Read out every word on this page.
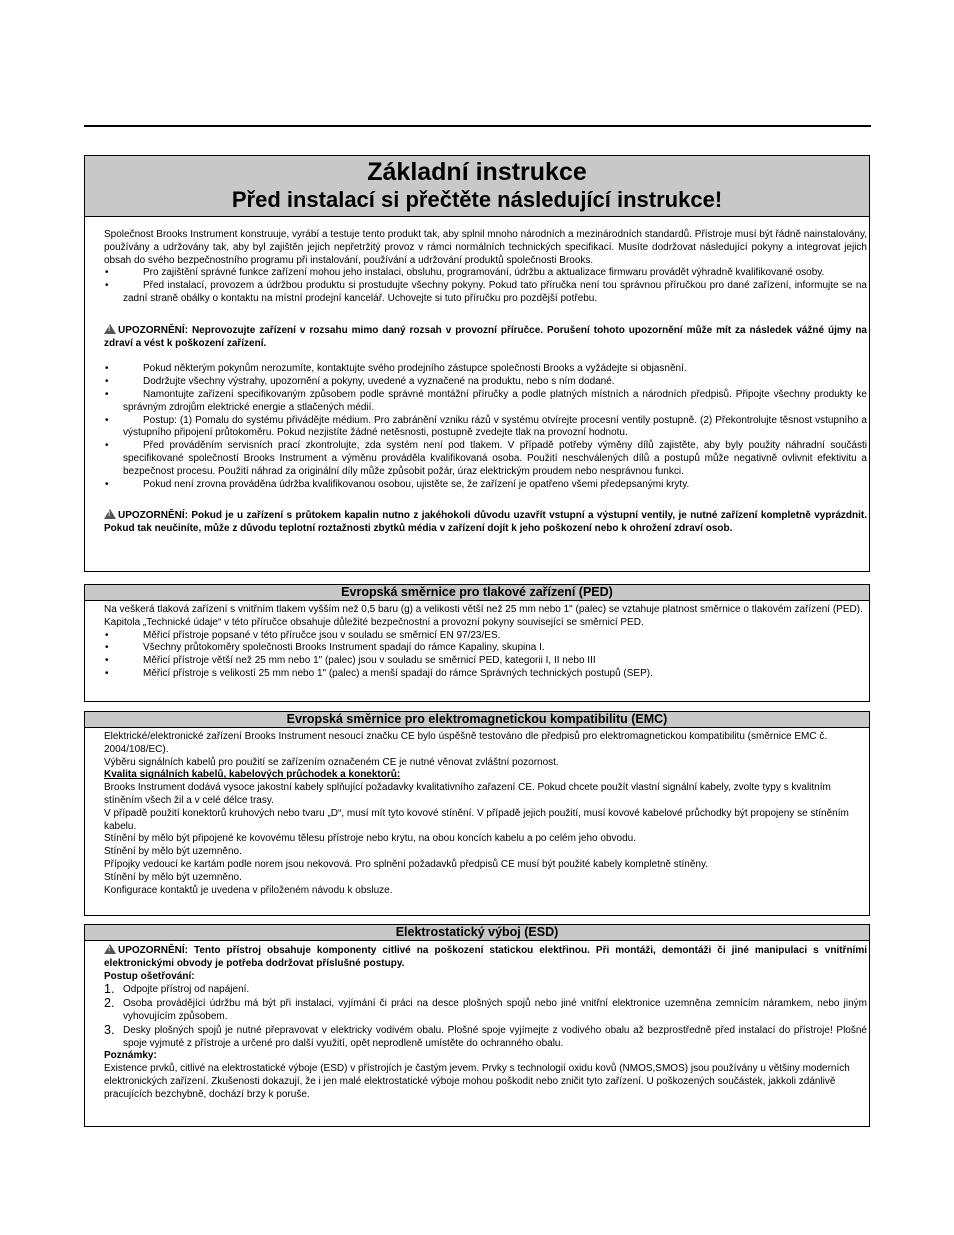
Základní instrukce
Před instalací si přečtěte následující instrukce!

Společnost Brooks Instrument konstruuje, vyrábí a testuje tento produkt tak, aby splnil mnoho národních a mezinárodních standardů. Přístroje musí být řádně nainstalovány, používány a udržovány tak, aby byl zajištěn jejich nepřetržitý provoz v rámci normálních technických specifikací. Musíte dodržovat následující pokyny a integrovat jejich obsah do svého bezpečnostního programu při instalování, používání a udržování produktů společnosti Brooks.

•	Pro zajištění správné funkce zařízení mohou jeho instalaci, obsluhu, programování, údržbu a aktualizace firmwaru provádět výhradně kvalifikované osoby.
•	Před instalací, provozem a údržbou produktu si prostudujte všechny pokyny. Pokud tato příručka není tou správnou příručkou pro dané zařízení, informujte se na zadní straně obálky o kontaktu na místní prodejní kancelář. Uchovejte si tuto příručku pro pozdější potřebu.

!UPOZORNĚNÍ: Neprovozujte zařízení v rozsahu mimo daný rozsah v provozní příručce. Porušení tohoto upozornění může mít za následek vážné újmy na zdraví a vést k poškození zařízení.

•	Pokud některým pokynům nerozumíte, kontaktujte svého prodejního zástupce společnosti Brooks a vyžádejte si objasnění.
•	Dodržujte všechny výstrahy, upozornění a pokyny, uvedené a vyznačené na produktu, nebo s ním dodané.
•	Namontujte zařízení specifikovaným způsobem podle správné montážní příručky a podle platných místních a národních předpisů. Připojte všechny produkty ke správným zdrojům elektrické energie a stlačených médií.
•	Postup: (1) Pomalu do systému přivádějte médium. Pro zabránění vzniku rázů v systému otvírejte procesní ventily postupně. (2) Překontrolujte těsnost vstupního a výstupního připojení průtokoměru. Pokud nezjistíte žádné netěsnosti, postupně zvedejte tlak na provozní hodnotu.
•	Před prováděním servisních prací zkontrolujte, zda systém není pod tlakem. V případě potřeby výměny dílů zajistěte, aby byly použity náhradní součásti specifikované společností Brooks Instrument a výměnu prováděla kvalifikovaná osoba. Použití neschválených dílů a postupů může negativně ovlivnit efektivitu a bezpečnost procesu. Použití náhrad za originální díly může způsobit požár, úraz elektrickým proudem nebo nesprávnou funkci.
•	Pokud není zrovna prováděna údržba kvalifikovanou osobou, ujistěte se, že zařízení je opatřeno všemi předepsanými kryty.

!UPOZORNĚNÍ: Pokud je u zařízení s průtokem kapalin nutno z jakéhokoli důvodu uzavřít vstupní a výstupní ventily, je nutné zařízení kompletně vyprázdnit. Pokud tak neučiníte, může z důvodu teplotní roztažnosti zbytků média v zařízení dojít k jeho poškození nebo k ohrožení zdraví osob.

Evropská směrnice pro tlakové zařízení (PED)

Na veškerá tlaková zařízení s vnitřním tlakem vyšším než 0,5 baru (g) a velikosti větší než 25 mm nebo 1" (palec) se vztahuje platnost směrnice o tlakovém zařízení (PED).

Kapitola „Technické údaje“ v této příručce obsahuje důležité bezpečnostní a provozní pokyny související se směrnicí PED.

•	Měřicí přístroje popsané v této příručce jsou v souladu se směrnicí EN 97/23/ES.
•	Všechny průtokoměry společnosti Brooks Instrument spadají do rámce Kapaliny, skupina I.
•	Měřicí přístroje větší než 25 mm nebo 1" (palec) jsou v souladu se směrnicí PED, kategorii I, II nebo III
•	Měřicí přístroje s velikostí 25 mm nebo 1" (palec) a menší spadají do rámce Správných technických postupů (SEP).
Evropská směrnice pro elektromagnetickou kompatibilitu (EMC)

Elektrické/elektronické zařízení Brooks Instrument nesoucí značku CE bylo úspěšně testováno dle předpisů pro elektromagnetickou kompatibilitu (směrnice EMC č. 2004/108/EC).

Výběru signálních kabelů pro použití se zařízením označeném CE je nutné věnovat zvláštní pozornost.

Kvalita signálních kabelů, kabelových průchodek a konektorů:

Brooks Instrument dodává vysoce jakostní kabely splňující požadavky kvalitativního zařazení CE. Pokud chcete použít vlastní signální kabely, zvolte typy s kvalitním stíněním všech žil a v celé délce trasy.

V případě použití konektorů kruhových nebo tvaru „D“, musí mít tyto kovové stínění. V případě jejich použití, musí kovové kabelové průchodky být propojeny se stíněním kabelu.

Stínění by mělo být připojené ke kovovému tělesu přístroje nebo krytu, na obou koncích kabelu a po celém jeho obvodu.

Stínění by mělo být uzemněno.

Přípojky vedoucí ke kartám podle norem jsou nekovová. Pro splnění požadavků předpisů CE musí být použité kabely kompletně stíněny.

Stínění by mělo být uzemněno.

Konfigurace kontaktů je uvedena v přiloženém návodu k obsluze.

Elektrostatický výboj (ESD)

!UPOZORNĚNÍ: Tento přístroj obsahuje komponenty citlivé na poškození statickou elektřinou. Při montáži, demontáži či jiné manipulaci s vnitřními elektronickými obvody je potřeba dodržovat příslušné postupy.

Postup ošetřování:

1. Odpojte přístroj od napájení.
2. Osoba provádějící údržbu má být při instalaci, vyjímání či práci na desce plošných spojů nebo jiné vnitřní elektronice uzemněna zemnícím náramkem, nebo jiným vyhovujícím způsobem.
3. Desky plošných spojů je nutné přepravovat v elektricky vodivém obalu. Plošné spoje vyjímejte z vodivého obalu až bezprostředně před instalací do přístroje! Plošné spoje vyjmuté z přístroje a určené pro další využití, opět neprodleně umístěte do ochranného obalu.

Poznámky:

Existence prvků, citlivé na elektrostatické výboje (ESD) v přístrojích je častým jevem. Prvky s technologií oxidu kovů (NMOS,SMOS) jsou používány u většiny moderních elektronických zařízení. Zkušenosti dokazují, že i jen malé elektrostatické výboje mohou poškodit nebo zničit tyto zařízení. U poškozených součástek, jakkoli zdánlivě pracujících bezchybně, dochází brzy k poruše.
